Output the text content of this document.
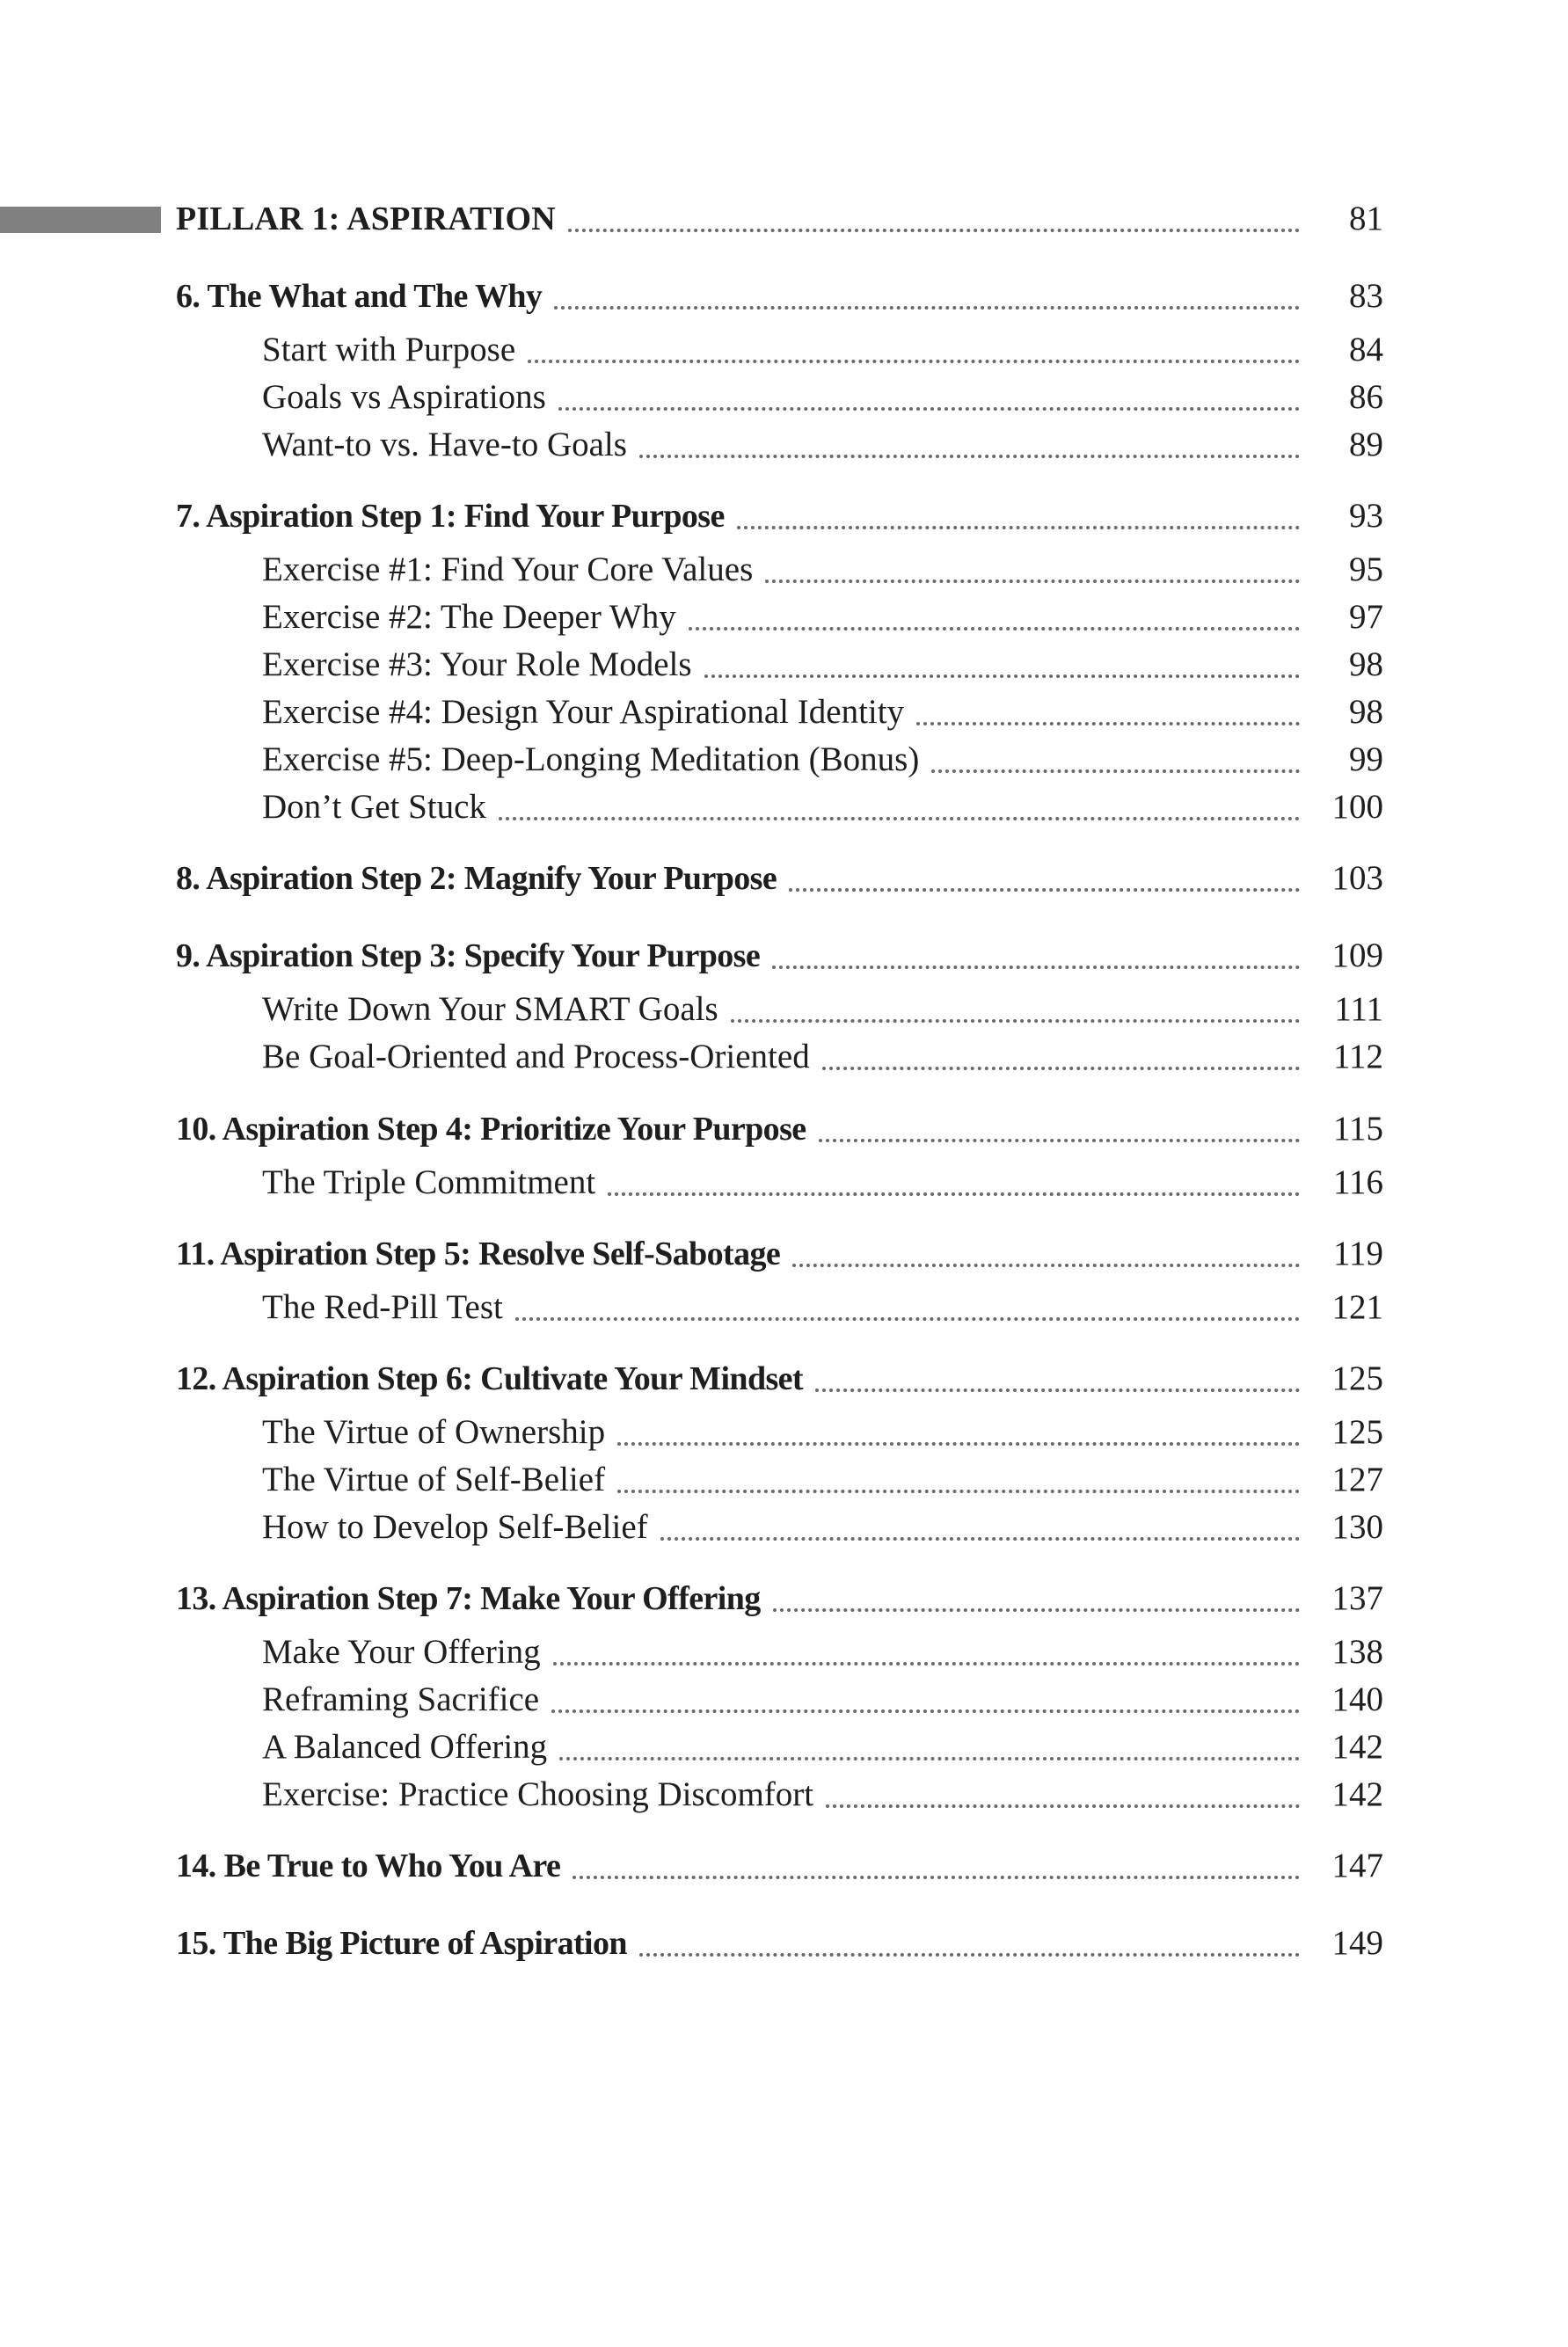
PILLAR 1: ASPIRATION	81
6. The What and The Why	83
Start with Purpose	84
Goals vs Aspirations	86
Want-to vs. Have-to Goals	89
7. Aspiration Step 1: Find Your Purpose	93
Exercise #1: Find Your Core Values	95
Exercise #2: The Deeper Why	97
Exercise #3: Your Role Models	98
Exercise #4: Design Your Aspirational Identity	98
Exercise #5: Deep-Longing Meditation (Bonus)	99
Don’t Get Stuck	100
8. Aspiration Step 2: Magnify Your Purpose	103
9. Aspiration Step 3: Specify Your Purpose	109
Write Down Your SMART Goals	111
Be Goal-Oriented and Process-Oriented	112
10. Aspiration Step 4: Prioritize Your Purpose	115
The Triple Commitment	116
11. Aspiration Step 5: Resolve Self-Sabotage	119
The Red-Pill Test	121
12. Aspiration Step 6: Cultivate Your Mindset	125
The Virtue of Ownership	125
The Virtue of Self-Belief	127
How to Develop Self-Belief	130
13. Aspiration Step 7: Make Your Offering	137
Make Your Offering	138
Reframing Sacrifice	140
A Balanced Offering	142
Exercise: Practice Choosing Discomfort	142
14. Be True to Who You Are	147
15. The Big Picture of Aspiration	149
